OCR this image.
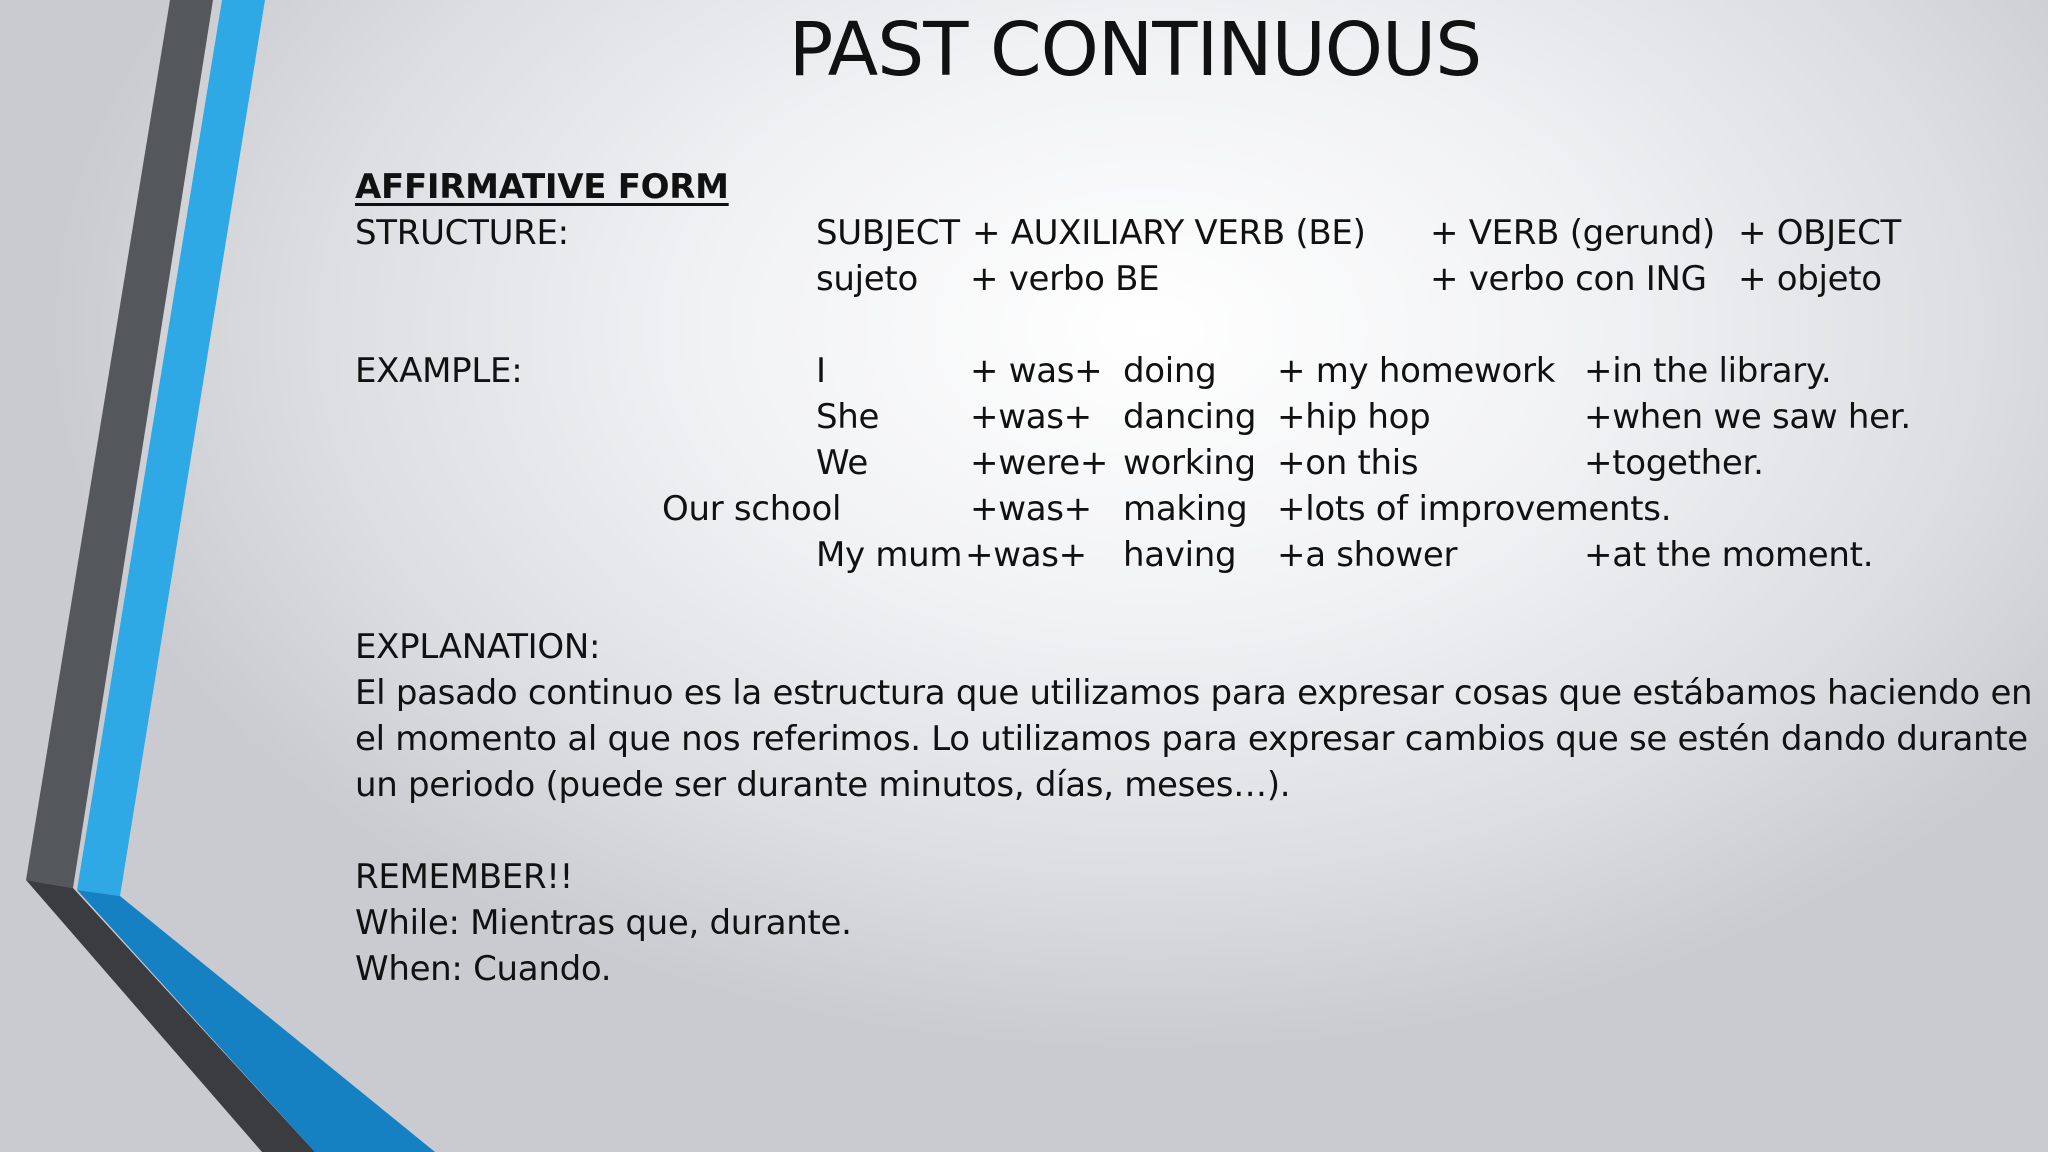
PAST CONTINUOUS
AFFIRMATIVE FORM
STRUCTURE:	SUBJECT + AUXILIARY VERB (BE) + VERB (gerund) + OBJECT
sujeto + verbo BE	+ verbo con ING + objeto
EXAMPLE:	I	+ was+ doing + my homework +in the library.
She	+was+ dancing +hip hop	+when we saw her.
We	+were+ working +on this	+together.
Our school	+was+ making +lots of improvements.
My mum +was+ having +a shower	+at the moment.
EXPLANATION:
El pasado continuo es la estructura que utilizamos para expresar cosas que estábamos haciendo en
el momento al que nos referimos. Lo utilizamos para expresar cambios que se estén dando durante
un periodo (puede ser durante minutos, días, meses…).
REMEMBER!!
While: Mientras que, durante.
When: Cuando.
